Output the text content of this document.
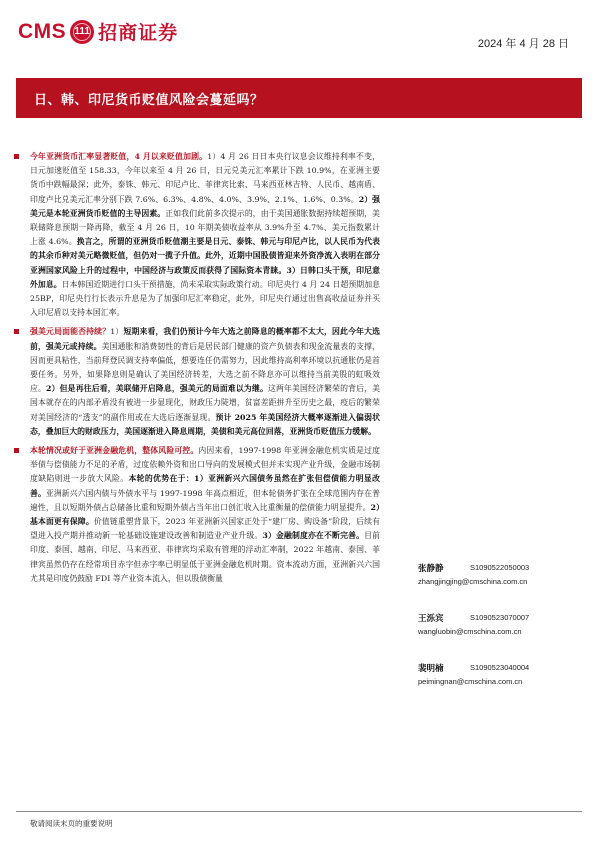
CMS 111 招商证券	2024 年 4 月 28 日
日、韩、印尼货币贬值风险会蔓延吗？

今年亚洲货币汇率显著贬值，4 月以来贬值加剧。1）4 月 26 日日本央行议息会议维持利率不变，日元加速贬值至 158.33，今年以来至 4 月 26 日，日元兑美元汇率累计下跌 10.9%，在亚洲主要货币中跌幅最深；此外，泰铢、韩元、印尼卢比、菲律宾比索、马来西亚林吉特、人民币、越南盾、印度卢比兑美元汇率分别下跌 7.6%、6.3%、4.8%、4.0%、3.9%、2.1%、1.6%、0.3%。2）强美元是本轮亚洲货币贬值的主导因素。正如我们此前多次提示的，由于美国通胀数据持续超预期，美联储降息预期一降再降，截至 4 月 26 日，10 年期美债收益率从 3.9%升至 4.7%、美元指数累计上涨 4.6%。换言之，所谓的亚洲货币贬值潮主要是日元、泰铢、韩元与印尼卢比，以人民币为代表的其余币种对美元略微贬值，但仍对一揽子升值。此外，近期中国股债皆迎来外资净流入表明在部分亚洲国家风险上升的过程中，中国经济与政策反而获得了国际资本青睐。3）日韩口头干预，印尼意外加息。日本韩国近期进行口头干预措施，尚未采取实际政策行动。印尼央行 4 月 24 日超预期加息 25BP，印尼央行行长表示升息是为了加强印尼汇率稳定，此外，印尼央行通过出售高收益证券并买入印尼盾以支持本国汇率。

强美元局面能否持续？1）短期来看，我们仍预计今年大选之前降息的概率都不太大，因此今年大选前，强美元或持续。美国通胀和消费韧性的背后是居民部门健康的资产负债表和现金流量表的支撑，因而更具粘性，当前拜登民调支持率偏低，想要连任仍需努力，因此维持高利率环境以抗通胀仍是首要任务。另外，如果降息则是确认了美国经济转差，大选之前不降息亦可以维持当前美股的虹吸效应。2）但是再往后看，美联储开启降息，强美元的局面难以为继。这两年美国经济繁荣的背后，美国本就存在的内部矛盾没有被进一步显现化，财政压力陡增，贫富差距拼升至历史之最，疫后的繁荣对美国经济的“透支”的副作用或在大选后逐渐显现。预计 2025 年美国经济大概率逐渐进入偏弱状态，叠加巨大的财政压力，美国逐渐进入降息周期，美债和美元高位回落，亚洲货币贬值压力缓解。

本轮情况或好于亚洲金融危机，整体风险可控。内因来看，1997-1998 年亚洲金融危机实质是过度举债与偿债能力不足的矛盾，过度依赖外资和出口导向的发展模式但并未实现产业升级，金融市场制度缺陷则进一步放大风险。本轮的优势在于：1）亚洲新兴六国债务虽然在扩张但偿债能力明显改善。亚洲新兴六国内债与外债水平与 1997-1998 年高点相近，但本轮债务扩张在全球范围内存在普遍性，且以短期外债占总储备比重和短期外债占当年出口创汇收入比重衡量的偿债能力明显提升。2）基本面更有保障。价值链重塑背景下，2023 年亚洲新兴国家正处于“建厂房、购设备”阶段，后续有望进入投产期并推动新一轮基础设施建设改善和制造业产业升级。3）金融制度亦在不断完善。目前印度、泰国、越南、印尼、马来西亚、菲律宾均采取有管理的浮动汇率制，2022 年越南、泰国、菲律宾虽然仍存在经常项目赤字但赤字率已明显低于亚洲金融危机时期。资本流动方面，亚洲新兴六国尤其是印度仍鼓励 FDI 等产业资本流入，但以股债衡量

张静静	S1090522050003
zhangjingjing@cmschina.com.cn
王泺宾	S1090523070007
wangluobin@cmschina.com.cn
裴明楠	S1090523040004
peimingnan@cmschina.com.cn
敬请阅读末页的重要说明
